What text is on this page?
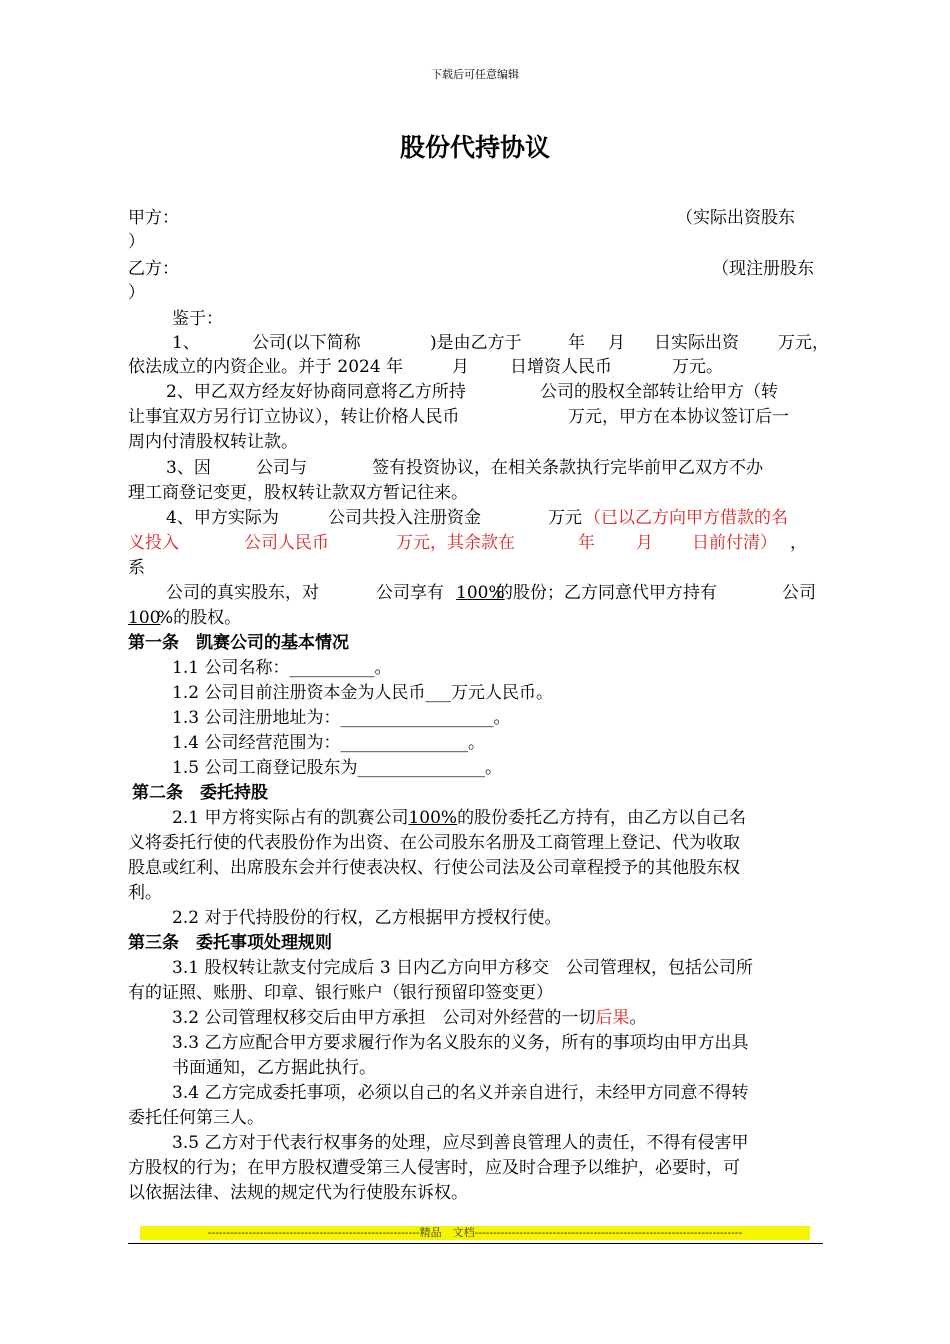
下载后可任意编辑
股份代持协议
甲方：	（实际出资股东
）
乙方：	（现注册股东
）
鉴于：
1、	公司(以下简称	)是由乙方于	年 月 日实际出资 万元，
依法成立的内资企业。并于 2024 年	月 日增资人民币	万元。
2、甲乙双方经友好协商同意将乙方所持	公司的股权全部转让给甲方（转
让事宜双方另行订立协议），转让价格人民币	万元，甲方在本协议签订后一
周内付清股权转让款。
3、因	公司与	签有投资协议，在相关条款执行完毕前甲乙双方不办
理工商登记变更，股权转让款双方暂记往来。
4、甲方实际为	公司共投入注册资金	万元 （已以乙方向甲方借款的名
义投入	公司人民币	万元，其余款在	年 月 日前付清） ，
系
公司的真实股东，对	公司享有 100%
的股份；乙方同意代甲方持有	公司
100
%的股权。
第一条　凯赛公司的基本情况
1.1 公司名称：__________。
1.2 公司目前注册资本金为人民币___万元人民币。
1.3 公司注册地址为：__________________。
1.4 公司经营范围为：_______________。
1.5 公司工商登记股东为_______________。
第二条　委托持股
2.1 甲方将实际占有的凯赛公司100%的股份委托乙方持有，由乙方以自己名
义将委托行使的代表股份作为出资、在公司股东名册及工商管理上登记、代为收取
股息或红利、出席股东会并行使表决权、行使公司法及公司章程授予的其他股东权
利。
2.2 对于代持股份的行权，乙方根据甲方授权行使。
第三条　委托事项处理规则
3.1 股权转让款支付完成后 3 日内乙方向甲方移交　公司管理权，包括公司所
有的证照、账册、印章、银行账户（银行预留印签变更）
3.2 公司管理权移交后由甲方承担　公司对外经营的一切后果。
3.3 乙方应配合甲方要求履行作为名义股东的义务，所有的事项均由甲方出具
书面通知，乙方据此执行。
3.4 乙方完成委托事项，必须以自己的名义并亲自进行，未经甲方同意不得转
委托任何第三人。
3.5 乙方对于代表行权事务的处理，应尽到善良管理人的责任，不得有侵害甲
方股权的行为；在甲方股权遭受第三人侵害时，应及时合理予以维护，必要时，可
以依据法律、法规的规定代为行使股东诉权。
---------------------------------------------------------精品　文档------------------------------------------------------------------------
